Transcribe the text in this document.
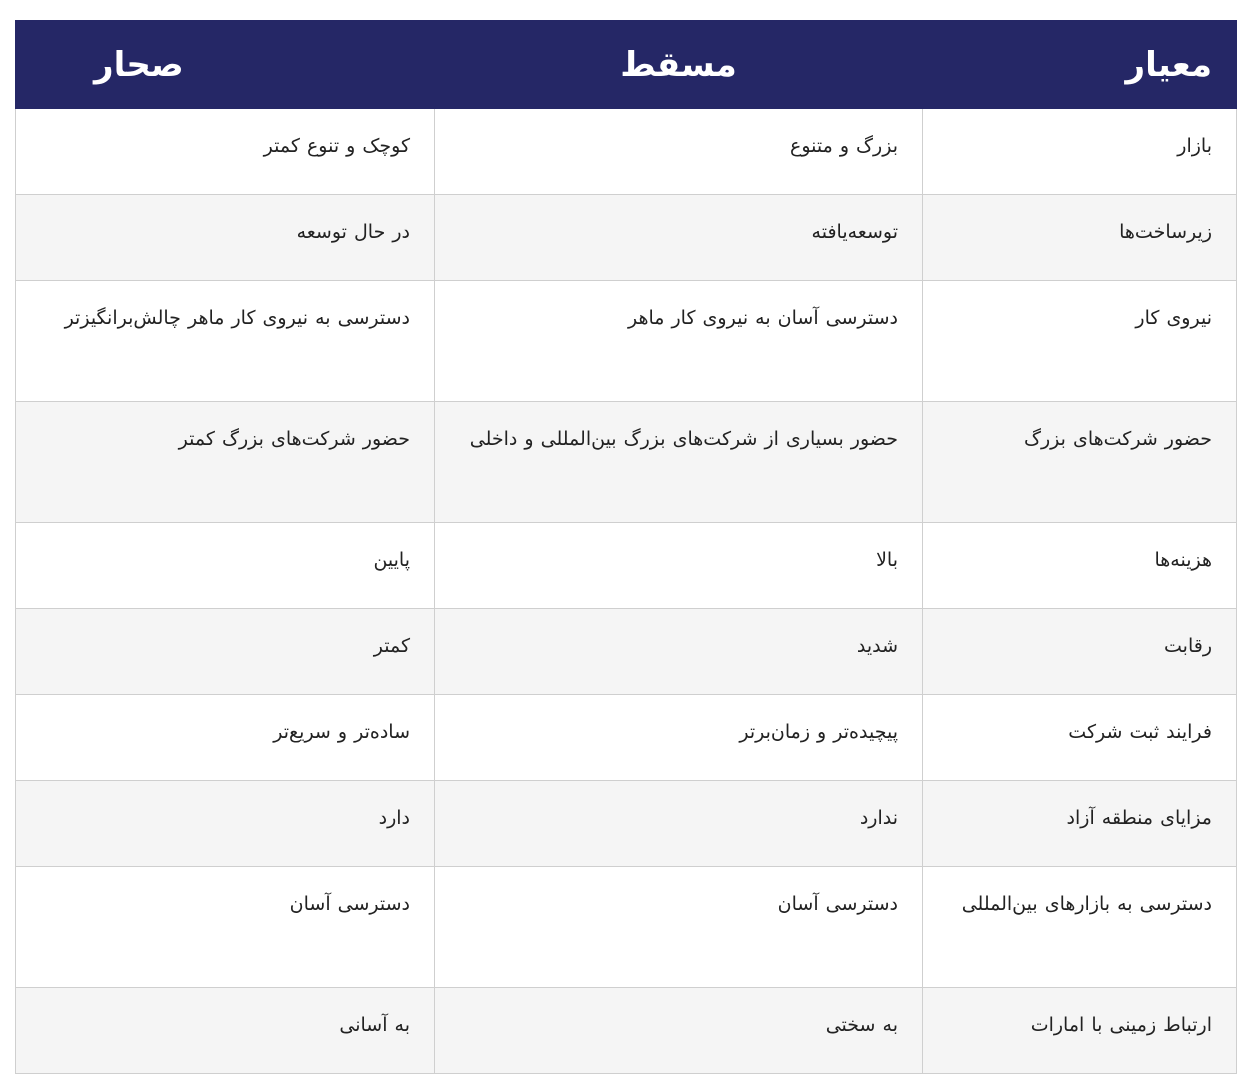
معیار	مسقط	صحار
بازار	بزرگ و متنوع	کوچک و تنوع کمتر
زیرساخت‌ها	توسعه‌یافته	در حال توسعه
نیروی کار	دسترسی آسان به نیروی کار ماهر	دسترسی به نیروی کار ماهر چالش‌برانگیزتر
حضور شرکت‌های بزرگ	حضور بسیاری از شرکت‌های بزرگ بین‌المللی و داخلی	حضور شرکت‌های بزرگ کمتر
هزینه‌ها	بالا	پایین
رقابت	شدید	کمتر
فرایند ثبت شرکت	پیچیده‌تر و زمان‌برتر	ساده‌تر و سریع‌تر
مزایای منطقه آزاد	ندارد	دارد
دسترسی به بازارهای بین‌المللی	دسترسی آسان	دسترسی آسان
ارتباط زمینی با امارات	به سختی	به آسانی
